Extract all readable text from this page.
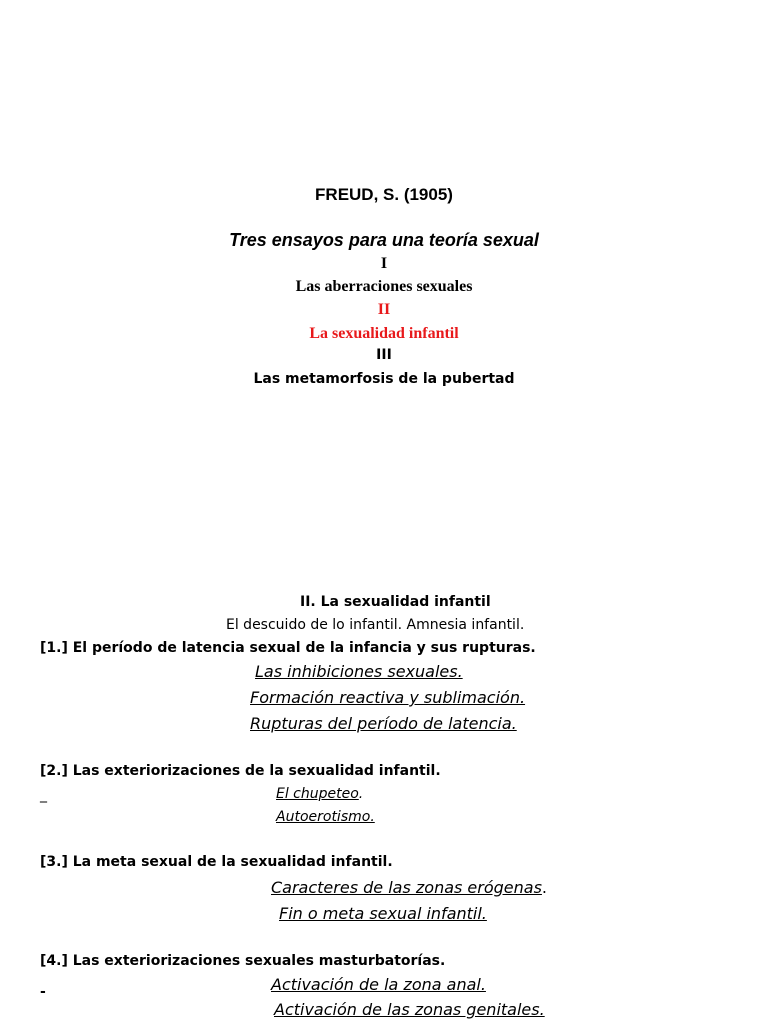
FREUD, S. (1905)
Tres ensayos para una teoría sexual
I
Las aberraciones sexuales
II
La sexualidad infantil
III
Las metamorfosis de la pubertad
II. La sexualidad infantil
El descuido de lo infantil. Amnesia infantil.
[1.] El período de latencia sexual de la infancia y sus rupturas.
Las inhibiciones sexuales.
Formación reactiva y sublimación.
Rupturas del período de latencia.
[2.] Las exteriorizaciones de la sexualidad infantil.
_	El chupeteo.
Autoerotismo.
[3.] La meta sexual de la sexualidad infantil.
Caracteres de las zonas erógenas.
Fin o meta sexual infantil.
[4.] Las exteriorizaciones sexuales masturbatorías.
-	Activación de la zona anal.
Activación de las zonas genitales.
